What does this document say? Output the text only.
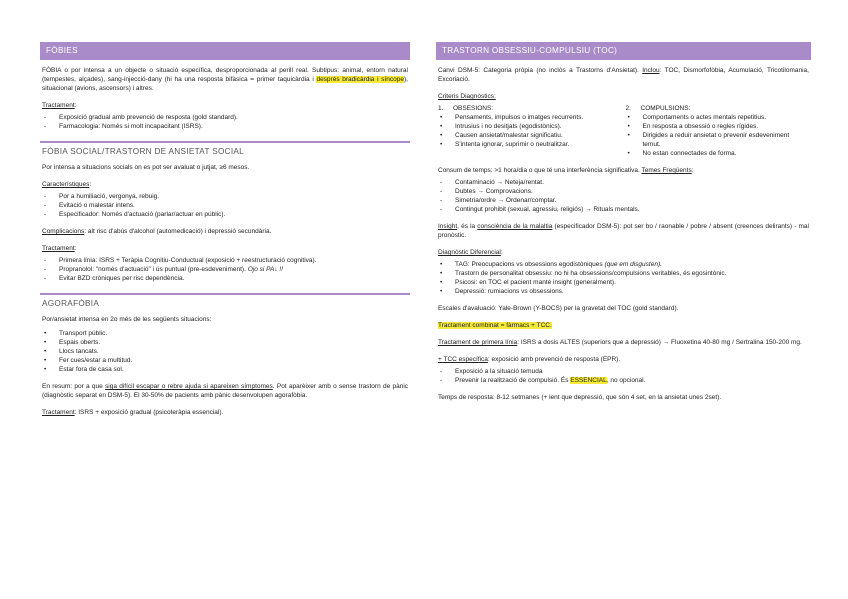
FÒBIES

FÒBIA o por intensa a un objecte o situació específica, desproporcionada al perill real. Subtipus: animal, entorn natural (tempestes, alçades), sang-injecció-dany (hi ha una resposta bifàsica = primer taquicàrdia i després bradicàrdia i síncope), situacional (avions, ascensors) i altres.

Tractament:

- Exposició gradual amb prevenció de resposta (gold standard).
- Farmacologia: Només si molt incapacitant (ISRS).
FÒBIA SOCIAL/TRASTORN DE ANSIETAT SOCIAL

Por intensa a situacions socials on es pot ser avaluat o jutjat, ≥6 mesos.

Característiques:

- Por a humiliació, vergonya, rebuig.
- Evitació o malestar intens.
- Especificador: Només d'actuació (parlar/actuar en públic).

Complicacions: alt risc d'abús d'alcohol (automedicació) i depressió secundària.

Tractament:

- Primera línia: ISRS + Teràpia Cognitiu-Conductual (exposició + reestructuració cognitiva).
- Propranolol: "només d'actuació" i ús puntual (pre-esdeveniment). Ojo si PA↓ !!
- Evitar BZD cròniques per risc dependència.
AGORAFÒBIA

Por/ansietat intensa en 2o més de les següents situacions:

• Transport públic.
• Espais oberts.
• Llocs tancats.
• Fer cues/estar a multitud.
• Estar fora de casa sol.

En resum: por a que siga difícil escapar o rebre ajuda si apareixen símptomes. Pot aparèixer amb o sense trastorn de pànic (diagnòstic separat en DSM-5). El 30-50% de pacients amb pànic desenvolupen agorafòbia.

Tractament: ISRS + exposició gradual (psicoteràpia essencial).

TRASTORN OBSESSIU-COMPULSIU (TOC)

Canvi DSM-5: Categoria pròpia (no inclòs a Trastorns d'Ansietat). Inclou: TOC, Dismorfofòbia, Acumulació, Tricotilomania, Excoriació.

Criteris Diagnòstics:

1. OBSESIONS:
• Pensaments, impulsos o imatges recurrents.
• Intrusius i no desitjats (egodistònics).
• Causen ansietat/malestar significatiu.
• S'intenta ignorar, suprimir o neutralitzar.
2. COMPULSIONS:
• Comportaments o actes mentals repetitius.
• En resposta a obsessió o regles rígides.
• Dirigides a reduir ansietat o prevenir esdeveniment temut.
• No estan connectades de forma.

Consum de temps: >1 hora/dia o que té una interferència significativa. Temes Freqüents:

- Contaminació → Neteja/rentat.
- Dubtes → Comprovacions.
- Simetria/ordre → Ordenar/comptar.
- Contingut prohibit (sexual, agressiu, religiós) → Rituals mentals.

Insight, és la consciència de la malaltia (especificador DSM-5): pot ser bo / raonable / pobre / absent (creences delirants) - mal pronòstic.

Diagnòstic Diferencial:

• TAG: Preocupacions vs obsessions egodistòniques (que em disgusten).
• Trastorn de personalitat obsessiu: no hi ha obsessions/compulsions veritables, és egosintònic.
• Psicosi: en TOC el pacient manté insight (generalment).
• Depressió: rumiacions vs obsessions.

Escales d'avaluació: Yale-Brown (Y-BOCS) per la gravetat del TOC (gold standard).

Tractament combinat = fàrmacs + TCC.

Tractament de primera línia: ISRS a dosis ALTES (superiors que a depressió) → Fluoxetina 40-80 mg / Sertralina 150-200 mg.

+ TCC específica: exposició amb prevenció de resposta (EPR).

- Exposició a la situació temuda
- Prevenir la realització de compulsió. És ESSENCIAL, no opcional.

Temps de resposta: 8-12 setmanes (+ lent que depressió, que són 4 set, en la ansietat unes 2set).
